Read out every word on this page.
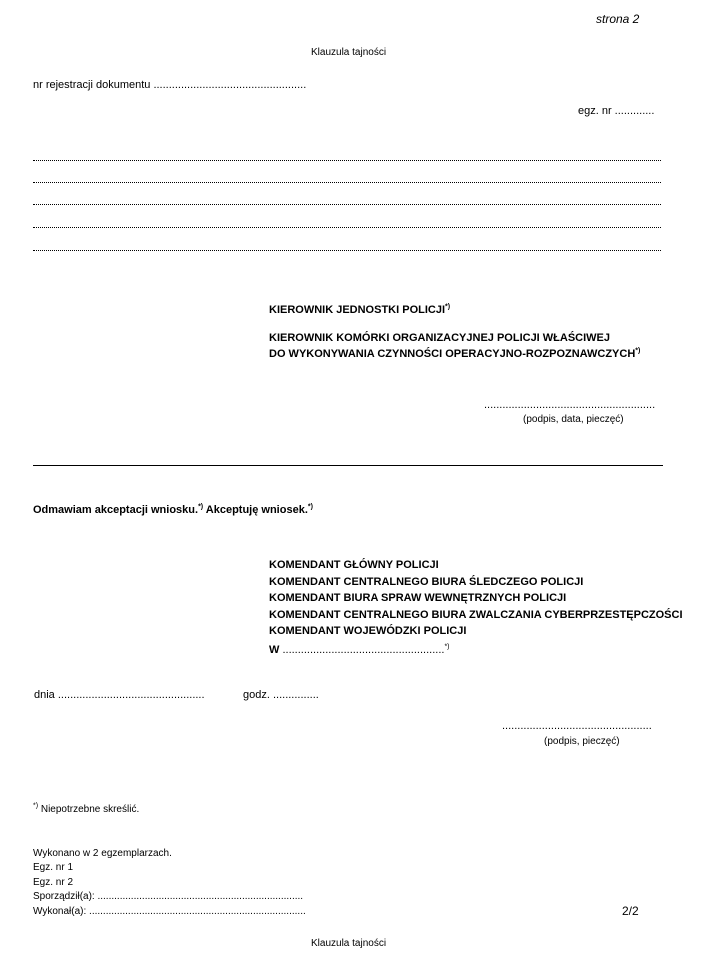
strona 2
Klauzula tajności
nr rejestracji dokumentu ..................................................
egz. nr .............
KIEROWNIK JEDNOSTKI POLICJI*)
KIEROWNIK KOMÓRKI ORGANIZACYJNEJ POLICJI WŁAŚCIWEJ
DO WYKONYWANIA CZYNNOŚCI OPERACYJNO-ROZPOZNAWCZYCH*)
........................................................
(podpis, data, pieczęć)
Odmawiam akceptacji wniosku.*) Akceptuję wniosek.*)
KOMENDANT GŁÓWNY POLICJI
KOMENDANT CENTRALNEGO BIURA ŚLEDCZEGO POLICJI
KOMENDANT BIURA SPRAW WEWNĘTRZNYCH POLICJI
KOMENDANT CENTRALNEGO BIURA ZWALCZANIA CYBERPRZESTĘPCZOŚCI
KOMENDANT WOJEWÓDZKI POLICJI
W .....................................................*)
dnia ................................................	godz. ...............
.................................................
(podpis, pieczęć)
*) Niepotrzebne skreślić.
Wykonano w 2 egzemplarzach.
Egz. nr 1
Egz. nr 2
Sporządził(a): ..........................................................................
Wykonał(a): ..............................................................................	2/2
Klauzula tajności
